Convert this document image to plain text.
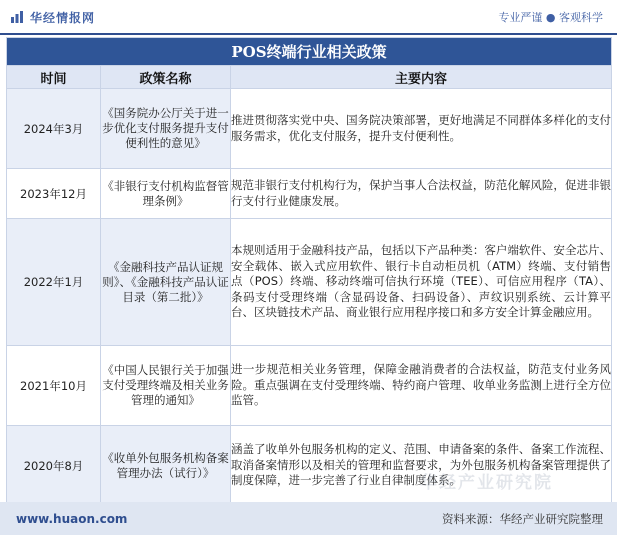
华经情报网	专业严谨 ● 客观科学
POS终端行业相关政策		
时间	政策名称	主要内容
2024年3月	《国务院办公厅关于进一步优化支付服务提升支付便利性的意见》	推进贯彻落实党中央、国务院决策部署，更好地满足不同群体多样化的支付服务需求，优化支付服务，提升支付便利性。
2023年12月	《非银行支付机构监督管理条例》	规范非银行支付机构行为，保护当事人合法权益，防范化解风险，促进非银行支付行业健康发展。
2022年1月	《金融科技产品认证规则》、《金融科技产品认证目录（第二批）》	本规则适用于金融科技产品，包括以下产品种类：客户端软件、安全芯片、安全载体、嵌入式应用软件、银行卡自动柜员机（ATM）终端、支付销售点（POS）终端、移动终端可信执行环境（TEE）、可信应用程序（TA）、条码支付受理终端（含显码设备、扫码设备）、声纹识别系统、云计算平台、区块链技术产品、商业银行应用程序接口和多方安全计算金融应用。
2021年10月	《中国人民银行关于加强支付受理终端及相关业务管理的通知》	进一步规范相关业务管理，保障金融消费者的合法权益，防范支付业务风险。重点强调在支付受理终端、特约商户管理、收单业务监测上进行全方位监管。
2020年8月	《收单外包服务机构备案管理办法（试行）》	涵盖了收单外包服务机构的定义、范围、申请备案的条件、备案工作流程、取消备案情形以及相关的管理和监督要求，为外包服务机构备案管理提供了制度保障，进一步完善了行业自律制度体系。
华经产业研究院
www.huaon.com	资料来源：华经产业研究院整理
